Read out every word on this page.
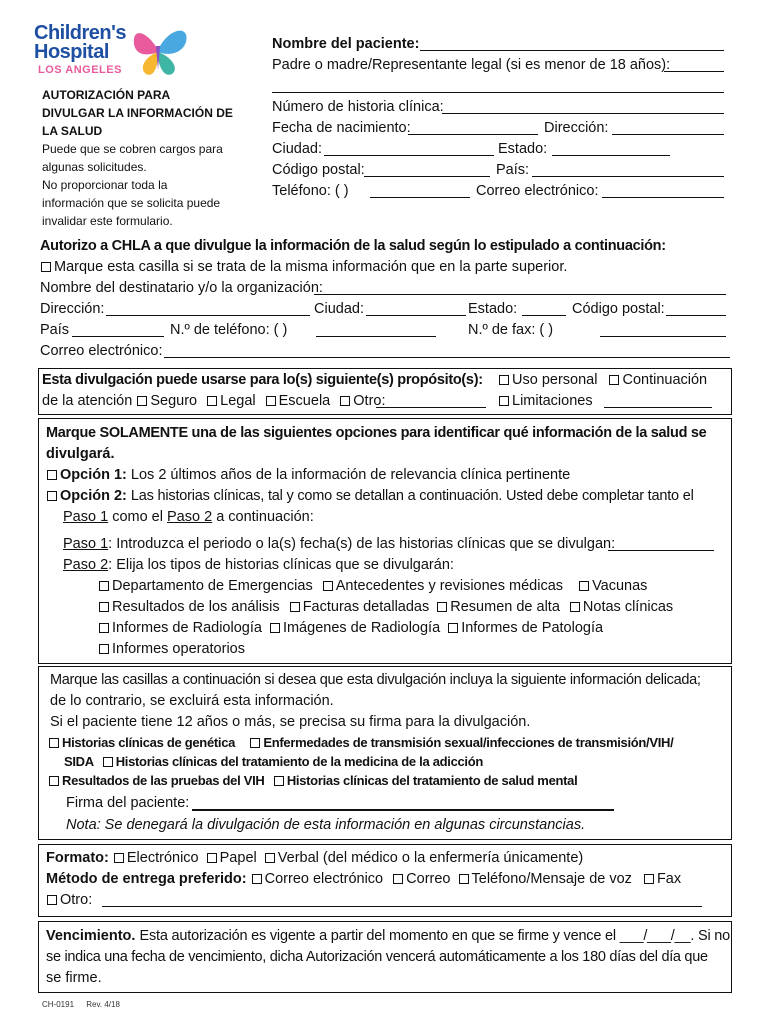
Children's
Hospital
LOS ANGELES
AUTORIZACIÓN PARA
DIVULGAR LA INFORMACIÓN DE
LA SALUD
Puede que se cobren cargos para
algunas solicitudes.
No proporcionar toda la
información que se solicita puede
invalidar este formulario.
Nombre del paciente:
Padre o madre/Representante legal (si es menor de 18 años):
Número de historia clínica:
Fecha de nacimiento:	Dirección:
Ciudad:	Estado:
Código postal:	País:
Teléfono: ( )	Correo electrónico:
Autorizo a CHLA a que divulgue la información de la salud según lo estipulado a continuación:
Marque esta casilla si se trata de la misma información que en la parte superior.
Nombre del destinatario y/o la organización:
Dirección:	Ciudad:	Estado:	Código postal:
País	N.º de teléfono: ( )	N.º de fax: ( )
Correo electrónico:
Esta divulgación puede usarse para lo(s) siguiente(s) propósito(s):	Uso personal Continuación
de la atención Seguro Legal Escuela Otro:	Limitaciones
Marque SOLAMENTE una de las siguientes opciones para identificar qué información de la salud se
divulgará.
Opción 1: Los 2 últimos años de la información de relevancia clínica pertinente
Opción 2: Las historias clínicas, tal y como se detallan a continuación. Usted debe completar tanto el
Paso 1 como el Paso 2 a continuación:
Paso 1: Introduzca el periodo o la(s) fecha(s) de las historias clínicas que se divulgan:
Paso 2: Elija los tipos de historias clínicas que se divulgarán:
Departamento de Emergencias Antecedentes y revisiones médicas Vacunas
Resultados de los análisis Facturas detalladas Resumen de alta Notas clínicas
Informes de Radiología Imágenes de Radiología Informes de Patología
Informes operatorios
Marque las casillas a continuación si desea que esta divulgación incluya la siguiente información delicada;
de lo contrario, se excluirá esta información.
Si el paciente tiene 12 años o más, se precisa su firma para la divulgación.
Historias clínicas de genética Enfermedades de transmisión sexual/infecciones de transmisión/VIH/
SIDA Historias clínicas del tratamiento de la medicina de la adicción
Resultados de las pruebas del VIH Historias clínicas del tratamiento de salud mental
Firma del paciente:
Nota: Se denegará la divulgación de esta información en algunas circunstancias.
Formato: Electrónico Papel Verbal (del médico o la enfermería únicamente)
Método de entrega preferido: Correo electrónico Correo Teléfono/Mensaje de voz Fax
Otro:
Vencimiento. Esta autorización es vigente a partir del momento en que se firme y vence el ___/___/__. Si no
se indica una fecha de vencimiento, dicha Autorización vencerá automáticamente a los 180 días del día que
se firme.
CH-0191 Rev. 4/18
